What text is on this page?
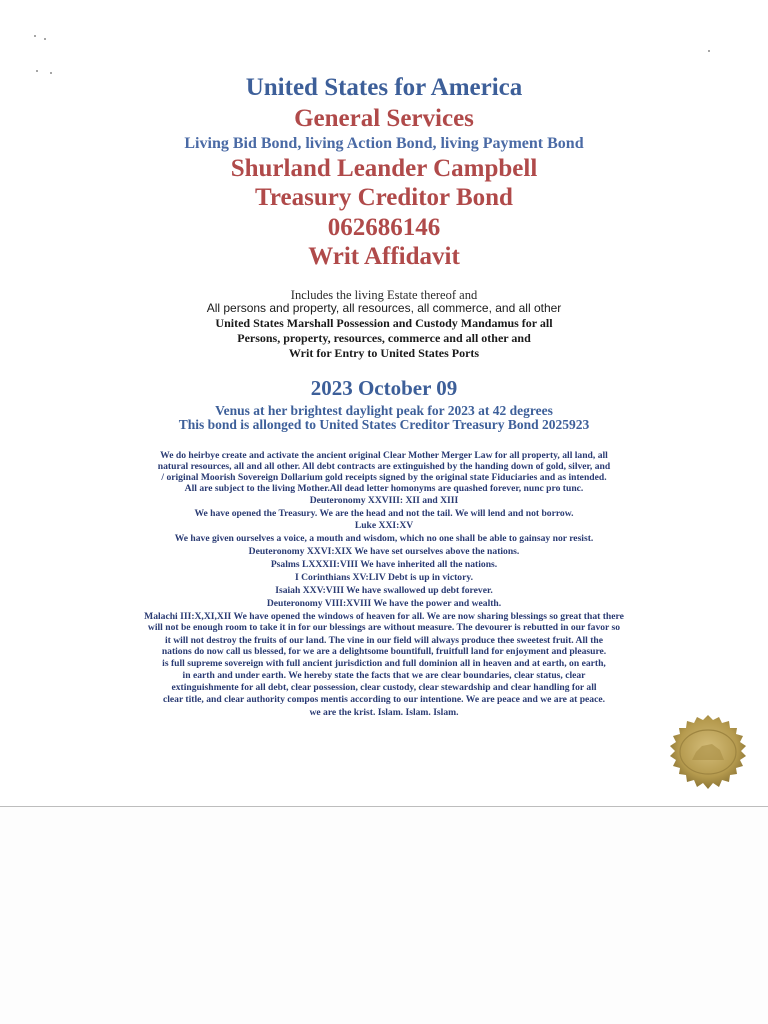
United States for America
General Services
Living Bid Bond, living Action Bond, living Payment Bond
Shurland Leander Campbell
Treasury Creditor Bond
062686146
Writ Affidavit
Includes the living Estate thereof and
All persons and property, all resources, all commerce, and all other
United States Marshall Possession and Custody Mandamus for all
Persons, property, resources, commerce and all other and
Writ for Entry to United States Ports
2023 October 09
Venus at her brightest daylight peak for 2023 at 42 degrees
This bond is allonged to United States Creditor Treasury Bond 2025923
We do heirbye create and activate the ancient original Clear Mother Merger Law for all property, all land, all
natural resources, all and all other. All debt contracts are extinguished by the handing down of gold, silver, and
/ original Moorish Sovereign Dollarium gold receipts signed by the original state Fiduciaries and as intended.
All are subject to the living Mother.All dead letter homonyms are quashed forever, nunc pro tunc.
Deuteronomy XXVIII: XII and XIII
We have opened the Treasury. We are the head and not the tail. We will lend and not borrow.
Luke XXI:XV
We have given ourselves a voice, a mouth and wisdom, which no one shall be able to gainsay nor resist.
Deuteronomy XXVI:XIX We have set ourselves above the nations.
Psalms LXXXII:VIII We have inherited all the nations.
I Corinthians XV:LIV Debt is up in victory.
Isaiah XXV:VIII We have swallowed up debt forever.
Deuteronomy VIII:XVIII We have the power and wealth.
Malachi III:X,XI,XII We have opened the windows of heaven for all. We are now sharing blessings so great that there
will not be enough room to take it in for our blessings are without measure. The devourer is rebutted in our favor so
it will not destroy the fruits of our land. The vine in our field will always produce thee sweetest fruit. All the
nations do now call us blessed, for we are a delightsome bountifull, fruitfull land for enjoyment and pleasure.
is full supreme sovereign with full ancient jurisdiction and full dominion all in heaven and at earth, on earth,
in earth and under earth. We hereby state the facts that we are clear boundaries, clear status, clear
extinguishmente for all debt, clear possession, clear custody, clear stewardship and clear handling for all
clear title, and clear authority compos mentis according to our intentione. We are peace and we are at peace.
we are the krist. Islam. Islam. Islam.
